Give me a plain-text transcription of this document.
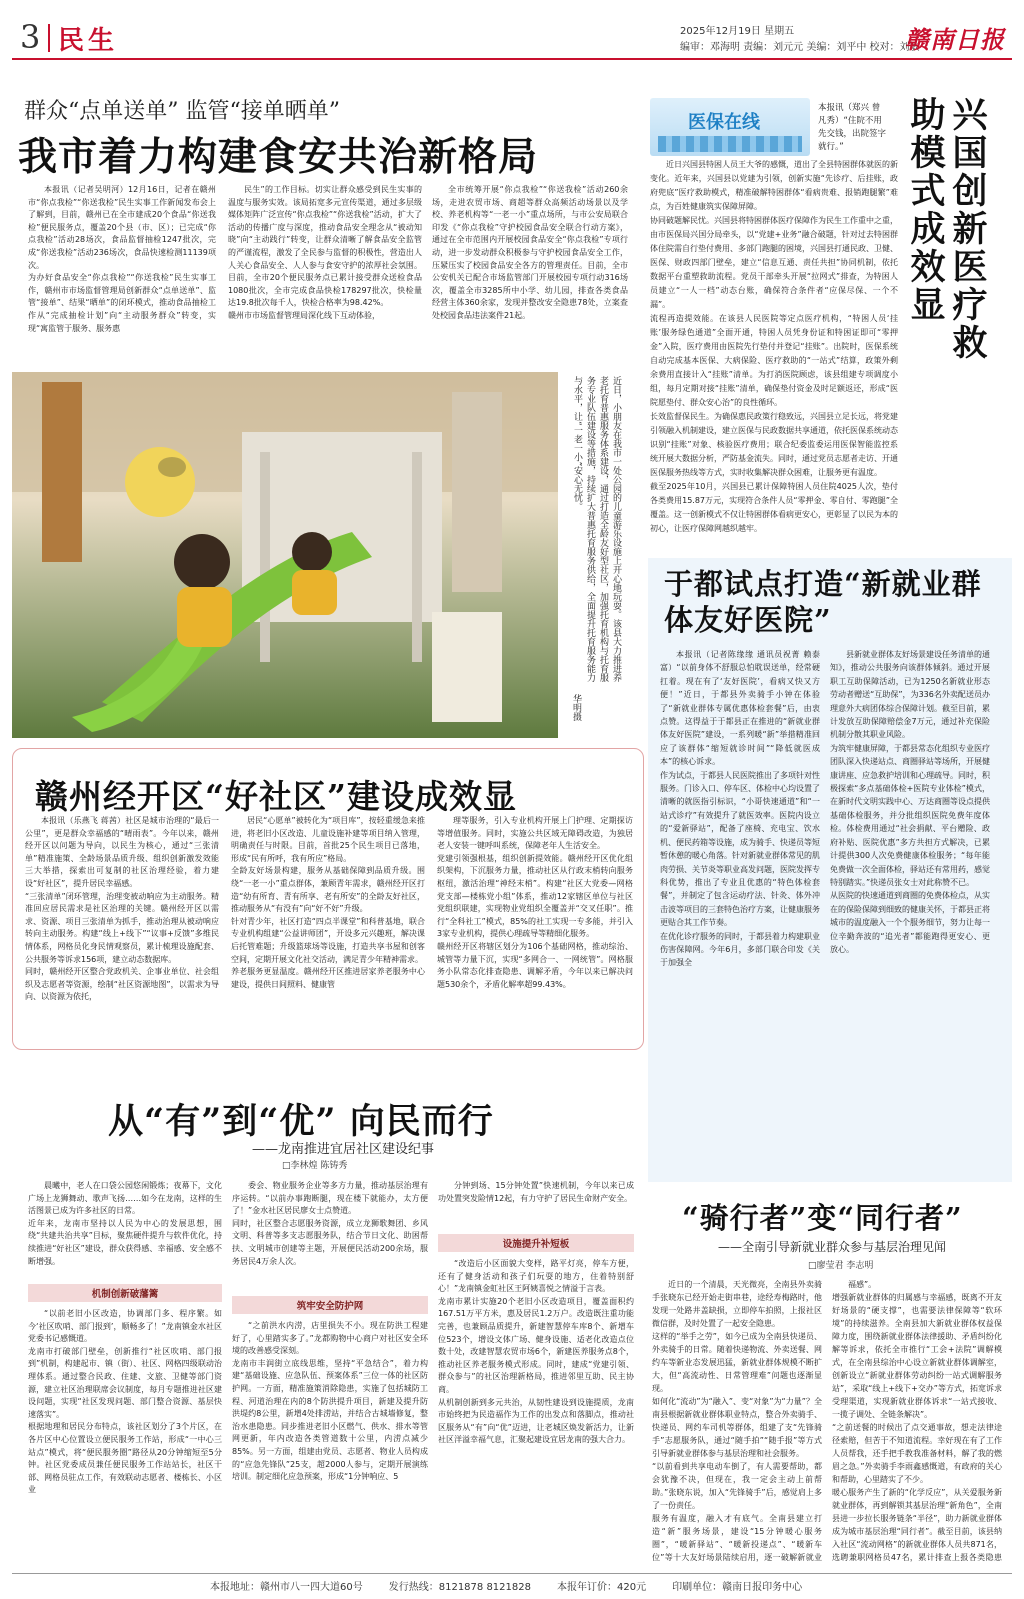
3 民生	2025年12月19日 星期五
编审：邓海明 责编：刘元元 美编：刘平中 校对：刘敏
赣南日报
群众“点单送单” 监管“接单晒单”
我市着力构建食安共治新格局

本报讯（记者吴明河）12月16日，记者在赣州市“你点我检”“你送我检”民生实事工作新闻发布会上了解到，目前，赣州已在全市建成20个食品“你送我检”便民服务点，覆盖20个县（市、区）；已完成“你点我检”活动28场次，食品监督抽检1247批次，完成“你送我检”活动236场次，食品快速检测11139项次。
为办好食品安全“你点我检”“你送我检”民生实事工作，赣州市市场监督管理局创新群众“点单送单”、监管“接单”、结果“晒单”的闭环模式，推动食品抽检工作从“完成抽检计划”向“主动服务群众”转变，实现“寓监管于服务、服务惠

民生”的工作目标。切实让群众感受到民生实事的温度与服务实效。该局拓宽多元宣传渠道，通过多层级媒体矩阵广泛宣传“你点我检”“你送我检”活动，扩大了活动的传播广度与深度，推动食品安全理念从“被动知晓”向“主动践行”转变，让群众清晰了解食品安全监管的严谨流程，激发了全民参与监督的积极性，营造出人人关心食品安全、人人参与食安守护的浓厚社会氛围。目前，全市20个便民服务点已累计接受群众送检食品1080批次，全市完成食品快检178297批次，快检量达19.8批次每千人，快检合格率为98.42%。
赣州市市场监督管理局深化线下互动体验，

全市统筹开展“你点我检”“你送我检”活动260余场，走进农贸市场、商超等群众高频活动场景以及学校、养老机构等“一老一小”重点场所，与市公安局联合印发《“你点我检”守护校园食品安全联合行动方案》，通过在全市范围内开展校园食品安全“你点我检”专项行动，进一步发动群众积极参与守护校园食品安全工作，压紧压实了校园食品安全各方的管理责任。目前，全市公安机关已配合市场监管部门开展校园专项行动316场次，覆盖全市3285所中小学、幼儿园，排查各类食品经营主体360余家，发现并整改安全隐患78处，立案查处校园食品违法案件21起。

近日，小朋友在我市一处公园的儿童游乐设施上开心地玩耍。该县大力推进养老托育普惠服务体系建设，通过打造全龄友好型社区，加强托育机构与托育服务专业队伍建设等措施，持续扩大普惠托育服务供给，全面提升托育服务能力与水平，让“一老一小”安心无忧。
华明摄
医保在线
本报讯（郑兴 曾凡秀）“住院不用先交钱，出院签字就行。”	兴国创新医疗救助模式成效显

近日兴国县特困人员王大爷的感慨，道出了全县特困群体就医的新变化。近年来，兴国县以党建为引领，创新实施“先诊疗、后挂账，政府兜底”医疗救助模式，精准破解特困群体“看病贵难、报销跑腿繁”难点，为百姓健康筑实保障屏障。
协同破题解民忧。兴国县将特困群体医疗保障作为民生工作重中之重，由市医保局兴国分局牵头，以“党建+业务”融合破题，针对过去特困群体住院需自行垫付费用、多部门跑腿的困境，兴国县打通民政、卫健、医保、财政四部门壁垒，建立“信息互通、责任共担”协同机制，依托数据平台重塑救助流程。党员干部牵头开展“拉网式”排查，为特困人员建立“一人一档”动态台账，确保符合条件者“应保尽保、一个不漏”。
流程再造提效能。在该县人民医院等定点医疗机构，“特困人员‘挂账’服务绿色通道”全面开通，特困人员凭身份证和特困证即可“零押金”入院，医疗费用由医院先行垫付并登记“挂账”。出院时，医保系统自动完成基本医保、大病保险、医疗救助的“一站式”结算，政策外剩余费用直接计入“挂账”清单。为打消医院顾虑，该县组建专项调度小组，每月定期对接“挂账”清单，确保垫付资金及时足额返还，形成“医院愿垫付、群众安心治”的良性循环。
长效监督保民生。为确保惠民政策行稳致远，兴国县立足长远，将党建引领融入机制建设，建立医保与民政数据共享通道，依托医保系统动态识别“挂账”对象、核验医疗费用；联合纪委监委运用医保智能监控系统开展大数据分析，严防基金流失。同时，通过党员志愿者走访、开通医保服务热线等方式，实时收集解决群众困难，让服务更有温度。
截至2025年10月，兴国县已累计保障特困人员住院4025人次，垫付各类费用15.87万元，实现符合条件人员“零押金、零自付、零跑腿”全覆盖。这一创新模式不仅让特困群体看病更安心，更彰显了以民为本的初心，让医疗保障网越织越牢。

于都试点打造“新就业群体友好医院”

本报讯（记者陈缘缘 通讯员祝菁 赖泰富）“以前身体不舒服总怕耽误送单，经常硬扛着。现在有了‘友好医院’，看病又快又方便！”近日，于都县外卖骑手小钟在体验了“新就业群体专属优惠体检套餐”后，由衷点赞。这得益于于都县正在推进的“新就业群体友好医院”建设，一系列暖“新”举措精准回应了该群体“缩短就诊时间”“降低就医成本”的核心诉求。
作为试点，于都县人民医院推出了多项针对性服务。门诊入口、停车区、体检中心均设置了清晰的就医指引标识，“小哥快速通道”和“一站式诊疗”有效提升了就医效率。医院内设立的“爱新驿站”，配备了座椅、充电宝、饮水机、便民药箱等设施，成为骑手、快递员等短暂休憩的暖心角落。针对新就业群体常见的肌肉劳损、关节炎等职业高发问题，医院发挥专科优势，推出了专业且优惠的“特色体检套餐”，并制定了包含运动疗法、针灸、体外冲击波等项目的三套特色治疗方案，让健康服务更贴合其工作节奏。
在优化诊疗服务的同时，于都县着力构建职业伤害保障网。今年6月，多部门联合印发《关于加强全

县新就业群体友好场景建设任务清单的通知》，推动公共服务向该群体倾斜。通过开展职工互助保障活动，已为1250名新就业形态劳动者赠送“互助保”，为336名外卖配送员办理意外大病团体综合保障计划。截至目前，累计发放互助保障赔偿金7万元，通过补充保险机制分散其职业风险。
为筑牢健康屏障，于都县常态化组织专业医疗团队深入快递站点、商圈驿站等场所，开展健康讲座、应急救护培训和心理疏导。同时，积极探索“多点基础体检+医院专业体检”模式，在新时代文明实践中心、万达商圈等设点提供基础体检服务，并分批组织医院免费年度体检。体检费用通过“社会捐献、平台赠险、政府补贴、医院优惠”多方共担方式解决，已累计提供300人次免费健康体检服务；“每年能免费做一次全面体检，驿站还有常用药，感觉特别踏实。”快递员张女士对此称赞不已。
从医院的快速通道到商圈的免费体检点，从实在的保险保障到细致的健康关怀，于都县正将城市的温度融入一个个服务细节，努力让每一位辛勤奔波的“追光者”都能跑得更安心、更放心。

赣州经开区“好社区”建设成效显

本报讯（乐燕飞 蒋茜）社区是城市治理的“最后一公里”，更是群众幸福感的“晴雨表”。今年以来，赣州经开区以问题为导向，以民生为核心，通过“三张清单”精准施策、全龄场景品质升级、组织创新激发效能三大举措，探索出可复制的社区治理经验，着力建设“好社区”，提升居民幸福感。
“三张清单”闭环管理，治理变被动响应为主动服务。精准回应居民需求是社区治理的关键。赣州经开区以需求、资源、项目三张清单为抓手，推动治理从被动响应转向主动服务。构建“线上+线下”“议事+反馈”多维民情体系，网格员化身民情观察员，累计梳理设施配套、公共服务等诉求156项，建立动态数据库。
同时，赣州经开区整合党政机关、企事业单位、社会组织及志愿者等资源，绘制“社区资源地图”，以需求为导向、以资源为依托，

居民“心愿单”被转化为“项目库”，按轻重缓急来推进，将老旧小区改造、儿童设施补建等项目纳入管理，明确责任与时限。目前，首批25个民生项目已落地，形成“民有所呼，我有所应”格局。
全龄友好场景构建，服务从基础保障到品质升级。围绕“一老一小”重点群体，兼顾青年需求，赣州经开区打造“幼有所育、青有所享、老有所安”的全龄友好社区，推动服务从“有没有”向“好不好”升级。
针对青少年，社区打造“四点半课堂”和科普基地，联合专业机构组建“公益讲师团”，开设多元兴趣班，解决课后托管难题；升级篮球场等设施，打造共享书屋和创客空间，定期开展文化社交活动，满足青少年精神需求。
养老服务更显温度。赣州经开区推进居家养老服务中心建设，提供日间照料、健康管

理等服务，引入专业机构开展上门护理、定期探访等增值服务。同时，实施公共区域无障碍改造，为独居老人安装一键呼叫系统，保障老年人生活安全。
党建引领强根基，组织创新提效能。赣州经开区优化组织架构，下沉服务力量，推动社区从行政末梢转向服务枢纽，激活治理“神经末梢”。构建“社区大党委—网格党支部—楼栋党小组”体系，推动12家辖区单位与社区党组织联建，实现物业党组织全覆盖并“交叉任职”。推行“全科社工”模式，85%的社工实现一专多能，并引入3家专业机构，提供心理疏导等精细化服务。
赣州经开区将辖区划分为106个基础网格，推动综治、城管等力量下沉，实现“多网合一、一网统管”。网格服务小队常态化排查隐患、调解矛盾，今年以来已解决问题530余个，矛盾化解率超99.43%。

从“有”到“优” 向民而行
——龙南推进宜居社区建设纪事
□李林煌 陈铸秀

晨曦中，老人在口袋公园悠闲锻炼；夜幕下，文化广场上龙狮舞动、歌声飞扬……如今在龙南，这样的生活图景已成为许多社区的日常。
近年来，龙南市坚持以人民为中心的发展思想，围绕“共建共治共享”目标，聚焦硬件提升与软件优化，持续推进“好社区”建设，群众获得感、幸福感、安全感不断增强。

机制创新破藩篱

“以前老旧小区改造，协调部门多、程序繁。如今‘社区吹哨、部门报到’，顺畅多了！”龙南镇金水社区党委书记感慨道。
龙南市打破部门壁垒，创新推行“社区吹哨、部门报到”机制，构建起市、镇（街）、社区、网格四级联动治理体系。通过整合民政、住建、文旅、卫健等部门资源，建立社区治理联席会议制度，每月专题推进社区建设问题，实现“社区发现问题、部门整合资源、基层快速落实”。
根据地理和居民分布特点，该社区划分了3个片区，在各片区中心位置设立便民服务工作站，形成“一中心三站点”模式，将“便民服务圈”路径从20分钟缩短至5分钟。社区党委成员兼任便民服务工作站站长，社区干部、网格员驻点工作，有效联动志愿者、楼栋长、小区业

委会、物业服务企业等多方力量，推动基层治理有序运转。“以前办事跑断腿，现在楼下就能办，太方便了！”金水社区居民廖女士点赞道。
同时，社区整合志愿服务资源，成立龙狮歌舞团、乡风文明、科普等多支志愿服务队，结合节日文化、助困帮扶、文明城市创建等主题，开展便民活动200余场，服务居民4万余人次。

筑牢安全防护网

“之前洪水内涝，店里损失不小。现在防洪工程建好了，心里踏实多了。”龙都购物中心商户对社区安全环境的改善感受深刻。
龙南市丰润街立底线思维，坚持“平急结合”，着力构建“基础设施、应急队伍、预案体系”三位一体的社区防护网。一方面，精准施策消除隐患，实施了包括城防工程、河道治理在内的8个防洪提升项目，新建及提升防洪堤约8公里，新增4处排涝站，并结合古城墙修复，整治水患隐患。同步推进老旧小区燃气、供水、排水等管网更新，年内改造各类管道数十公里，内涝点减少85%。另一方面，组建由党员、志愿者、物业人员构成的“应急先锋队”25支，超2000人参与，定期开展演练培训。制定细化应急预案，形成“1分钟响应、5

分钟到场、15分钟处置”快速机制，今年以来已成功处置突发险情12起，有力守护了居民生命财产安全。

设施提升补短板

“改造后小区面貌大变样，路平灯亮，停车方便，还有了健身活动和孩子们玩耍的地方，住着特别舒心！”龙南镇金虹社区王阿姨喜悦之情溢于言表。
龙南市累计实施20个老旧小区改造项目，覆盖面积约167.51万平方米，惠及居民1.2万户。改造既注重功能完善，也兼顾品质提升，新建智慧停车库8个、新增车位523个，增设文体广场、健身设施、适老化改造点位数十处，改建智慧农贸市场6个，新建医养服务点8个，推动社区养老服务模式形成。同时，建成“党建引领、群众参与”的社区治理新格局，推进邻里互助、民主协商。
从机制创新到多元共治，从韧性建设到设施提质，龙南市始终把为民造福作为工作的出发点和落脚点，推动社区服务从“有”向“优”迈进，让老城区焕发新活力，让新社区洋溢幸福气息，汇聚起建设宜居龙南的强大合力。

“骑行者”变“同行者”
——全南引导新就业群众参与基层治理见闻
□廖莹君 李志明

近日的一个清晨，天光微亮，全南县外卖骑手张晓东已经开始走街串巷，途经寿梅路时，他发现一处路井盖缺损，立即停车拍照，上报社区微信群，及时处置了一起安全隐患。
这样的“举手之劳”，如今已成为全南县快递员、外卖骑手的日常。随着快递物流、外卖送餐、网约车等新业态发展迅猛，新就业群体规模不断扩大，但“高流动性、日常管理难”问题也逐渐显现。
如何化“流动”为“融入”、变“对象”为“力量”？全南县根据新就业群体职业特点，整合外卖骑手、快递员、网约车司机等群体，组建了支“先锋骑手”志愿服务队，通过“随手拍”“随手报”等方式引导新就业群体参与基层治理和社会服务。
“以前看到共享电动车倒了，有人需要帮助，都会犹豫不决，但现在，我一定会主动上前帮助。”张晓东说，加入“先锋骑手”后，感觉肩上多了一份责任。
服务有温度，融入才有底气。全南县建立打造“新”服务场景，建设“15分钟暖心服务圈”，“暖新驿站”、“暖新投递点”、“暖新车位”等十大友好场景陆续启用，逐一破解新就业

福感”。
增强新就业群体的归属感与幸福感，既离不开友好场景的“硬支撑”，也需要法律保障等“软环境”的持续滋养。全南县加大新就业群体权益保障力度，围绕新就业群体法律援助、矛盾纠纷化解等诉求，依托全市推行“工会+法院”调解模式，在全南县综治中心设立新就业群体调解室，创新设立“新就业群体劳动纠纷一站式调解服务站”，采取“线上+线下+交办”等方式，拓宽诉求受理渠道，实现新就业群体诉求“一站式接收、一揽子调处、全链条解决”。
“之前送餐的时候出了点交通事故，想走法律途径索赔，但苦于不知道流程。幸好现在有了工作人员帮我，还手把手教我准备材料，解了我的燃眉之急。”外卖骑手李雨鑫感慨道，有政府的关心和帮助，心里踏实了不少。
暖心服务产生了新的“化学反应”，从关爱服务新就业群体，再到解锁其基层治理“新角色”，全南县进一步拉长服务链条“半径”，助力新就业群体成为城市基层治理“同行者”。截至目前，该县纳入社区“流动网格”的新就业群体人员共871名，选聘兼职网格员47名，累计排查上报各类隐患

本报地址：赣州市八一四大道60号	发行热线：8121878 8121828	本报年订价：420元	印刷单位：赣南日报印务中心
